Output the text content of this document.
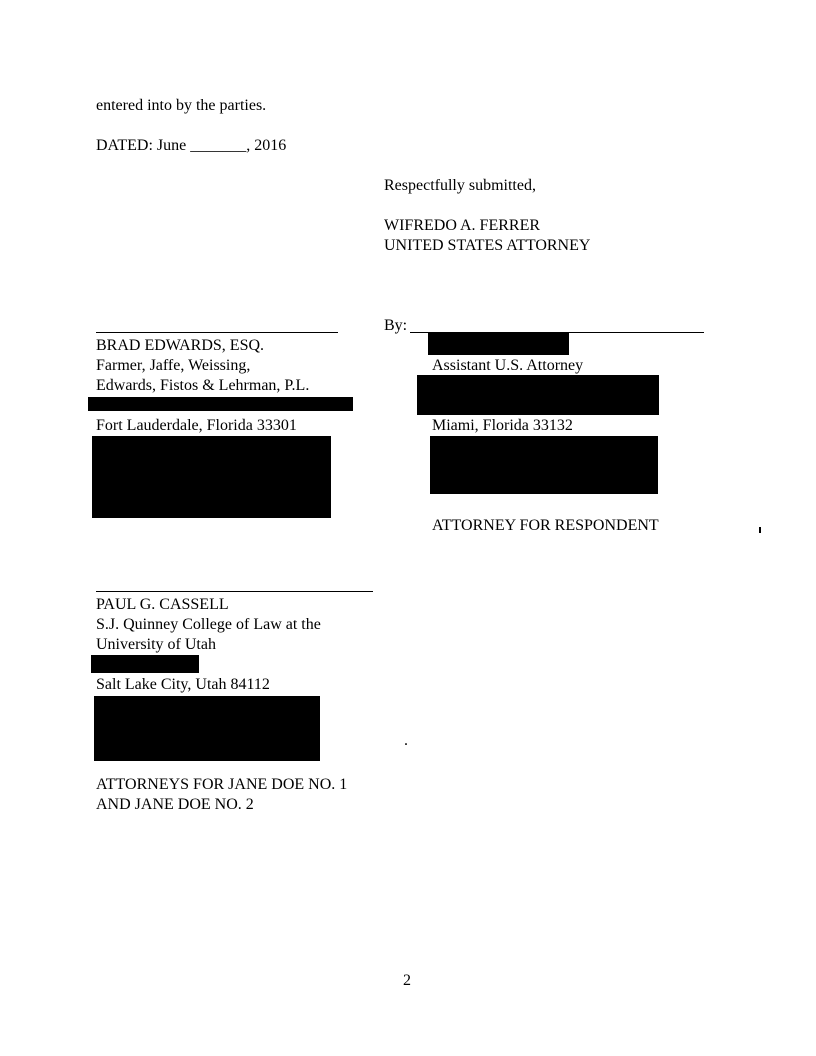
entered into by the parties.
DATED: June _______, 2016
Respectfully submitted,
WIFREDO A. FERRER
UNITED STATES ATTORNEY
By:
Assistant U.S. Attorney
Miami, Florida 33132
ATTORNEY FOR RESPONDENT
BRAD EDWARDS, ESQ.
Farmer, Jaffe, Weissing,
Edwards, Fistos & Lehrman, P.L.
Fort Lauderdale, Florida 33301
PAUL G. CASSELL
S.J. Quinney College of Law at the
University of Utah
Salt Lake City, Utah 84112
.
ATTORNEYS FOR JANE DOE NO. 1
AND JANE DOE NO. 2
2
